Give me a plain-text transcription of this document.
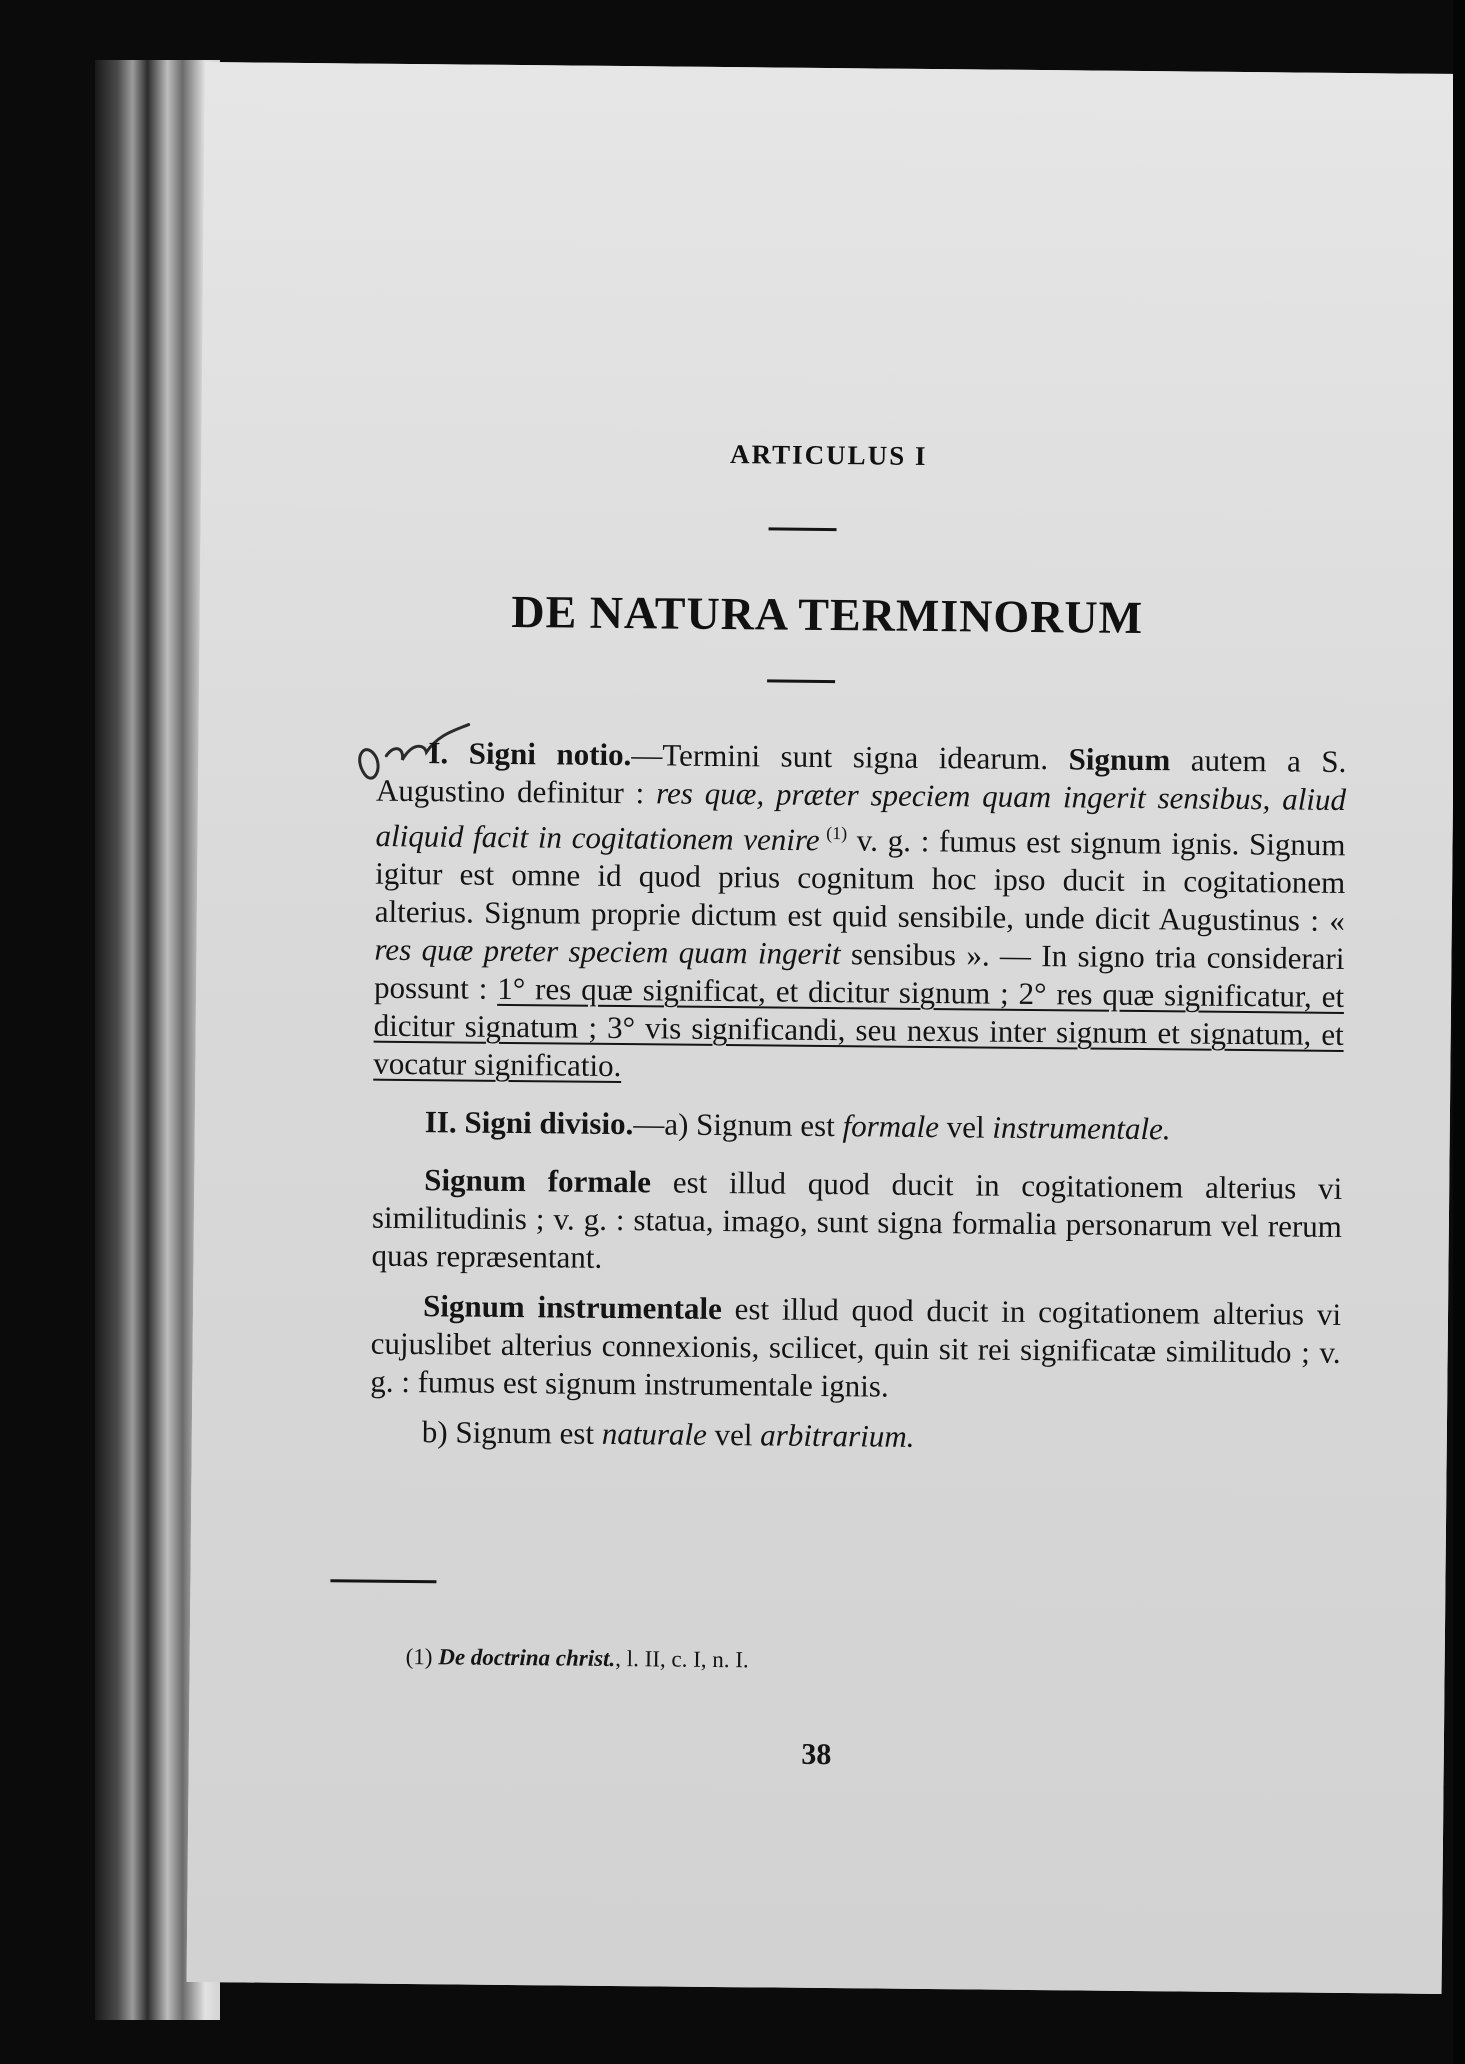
ARTICULUS I
DE NATURA TERMINORUM

I. Signi notio.—Termini sunt signa idearum. Signum autem a S. Augustino definitur : res quæ, præter speciem quam ingerit sensibus, aliud aliquid facit in cogitationem venire $^{(1)}$ v. g. : fumus est signum ignis. Signum igitur est omne id quod prius cognitum hoc ipso ducit in cogitationem alterius. Signum proprie dictum est quid sensibile, unde dicit Augustinus : « res quæ preter speciem quam ingerit sensibus ». — In signo tria considerari possunt : 1° res quæ significat, et dicitur signum ; 2° res quæ significatur, et dicitur signatum ; 3° vis significandi, seu nexus inter signum et signatum, et vocatur significatio.

II. Signi divisio.—a) Signum est formale vel instrumentale.

Signum formale est illud quod ducit in cogitationem alterius vi similitudinis ; v. g. : statua, imago, sunt signa formalia personarum vel rerum quas repræsentant.

Signum instrumentale est illud quod ducit in cogitationem alterius vi cujuslibet alterius connexionis, scilicet, quin sit rei significatæ similitudo ; v. g. : fumus est signum instrumentale ignis.

b) Signum est naturale vel arbitrarium.

(1) De doctrina christ., l. II, c. I, n. I.
38
